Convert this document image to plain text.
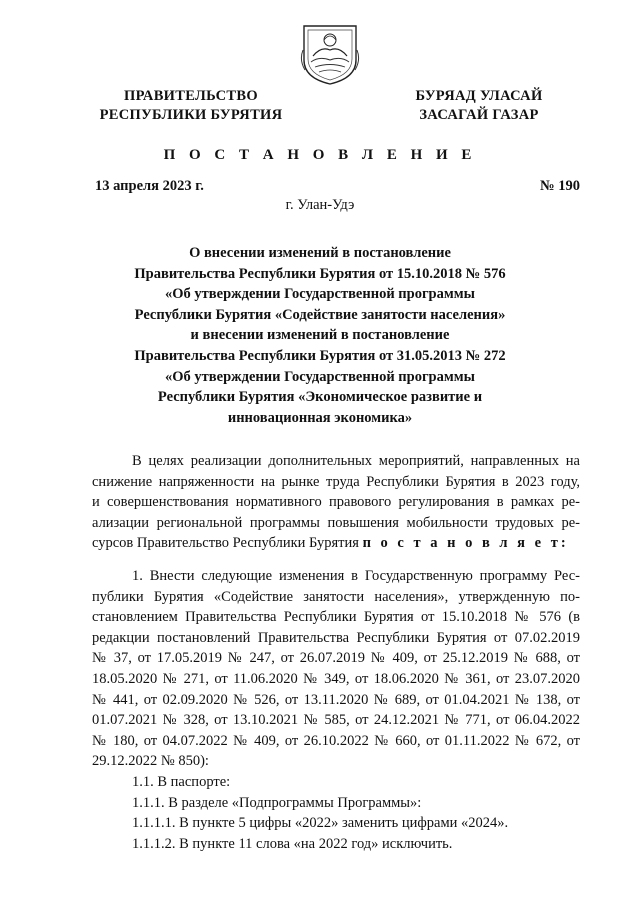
ПРАВИТЕЛЬСТВО
РЕСПУБЛИКИ БУРЯТИЯ
БУРЯАД УЛАСАЙ
ЗАСАГАЙ ГАЗАР
П О С Т А Н О В Л Е Н И Е
13 апреля 2023 г.	№ 190
г. Улан-Удэ
О внесении изменений в постановление
Правительства Республики Бурятия от 15.10.2018 № 576
«Об утверждении Государственной программы
Республики Бурятия «Содействие занятости населения»
и внесении изменений в постановление
Правительства Республики Бурятия от 31.05.2013 № 272
«Об утверждении Государственной программы
Республики Бурятия «Экономическое развитие и
инновационная экономика»
В целях реализации дополнительных мероприятий, направленных на
снижение напряженности на рынке труда Республики Бурятия в 2023 году,
и совершенствования нормативного правового регулирования в рамках ре-
ализации региональной программы повышения мобильности трудовых ре-
сурсов Правительство Республики Бурятия п о с т а н о в л я е т:
1. Внести следующие изменения в Государственную программу Рес-
публики Бурятия «Содействие занятости населения», утвержденную по-
становлением Правительства Республики Бурятия от 15.10.2018 № 576 (в
редакции постановлений Правительства Республики Бурятия от 07.02.2019
№ 37, от 17.05.2019 № 247, от 26.07.2019 № 409, от 25.12.2019 № 688, от
18.05.2020 № 271, от 11.06.2020 № 349, от 18.06.2020 № 361, от 23.07.2020
№ 441, от 02.09.2020 № 526, от 13.11.2020 № 689, от 01.04.2021 № 138, от
01.07.2021 № 328, от 13.10.2021 № 585, от 24.12.2021 № 771, от 06.04.2022
№ 180, от 04.07.2022 № 409, от 26.10.2022 № 660, от 01.11.2022 № 672, от
29.12.2022 № 850):
1.1. В паспорте:
1.1.1. В разделе «Подпрограммы Программы»:
1.1.1.1. В пункте 5 цифры «2022» заменить цифрами «2024».
1.1.1.2. В пункте 11 слова «на 2022 год» исключить.
